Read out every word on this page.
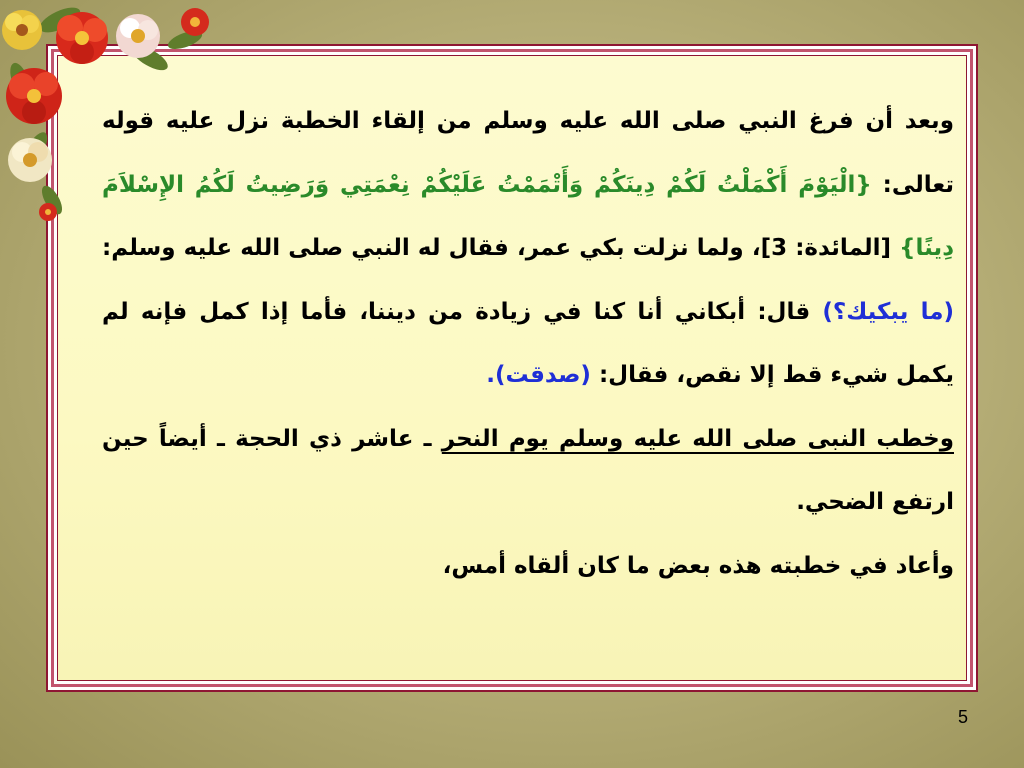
وبعد أن فرغ النبي صلى الله عليه وسلم من إلقاء الخطبة نزل عليه قوله تعالى: {الْيَوْمَ أَكْمَلْتُ لَكُمْ دِينَكُمْ وَأَتْمَمْتُ عَلَيْكُمْ نِعْمَتِي وَرَضِيتُ لَكُمُ الإِسْلاَمَ دِينًا} [المائدة: 3]، ولما نزلت بكي عمر، فقال له النبي صلى الله عليه وسلم: (ما يبكيك؟) قال: أبكاني أنا كنا في زيادة من ديننا، فأما إذا كمل فإنه لم يكمل شيء قط إلا نقص، فقال: (صدقت).

وخطب النبى صلى الله عليه وسلم يوم النحر ـ عاشر ذي الحجة ـ أيضاً حين ارتفع الضحي.

وأعاد في خطبته هذه بعض ما كان ألقاه أمس،

5
